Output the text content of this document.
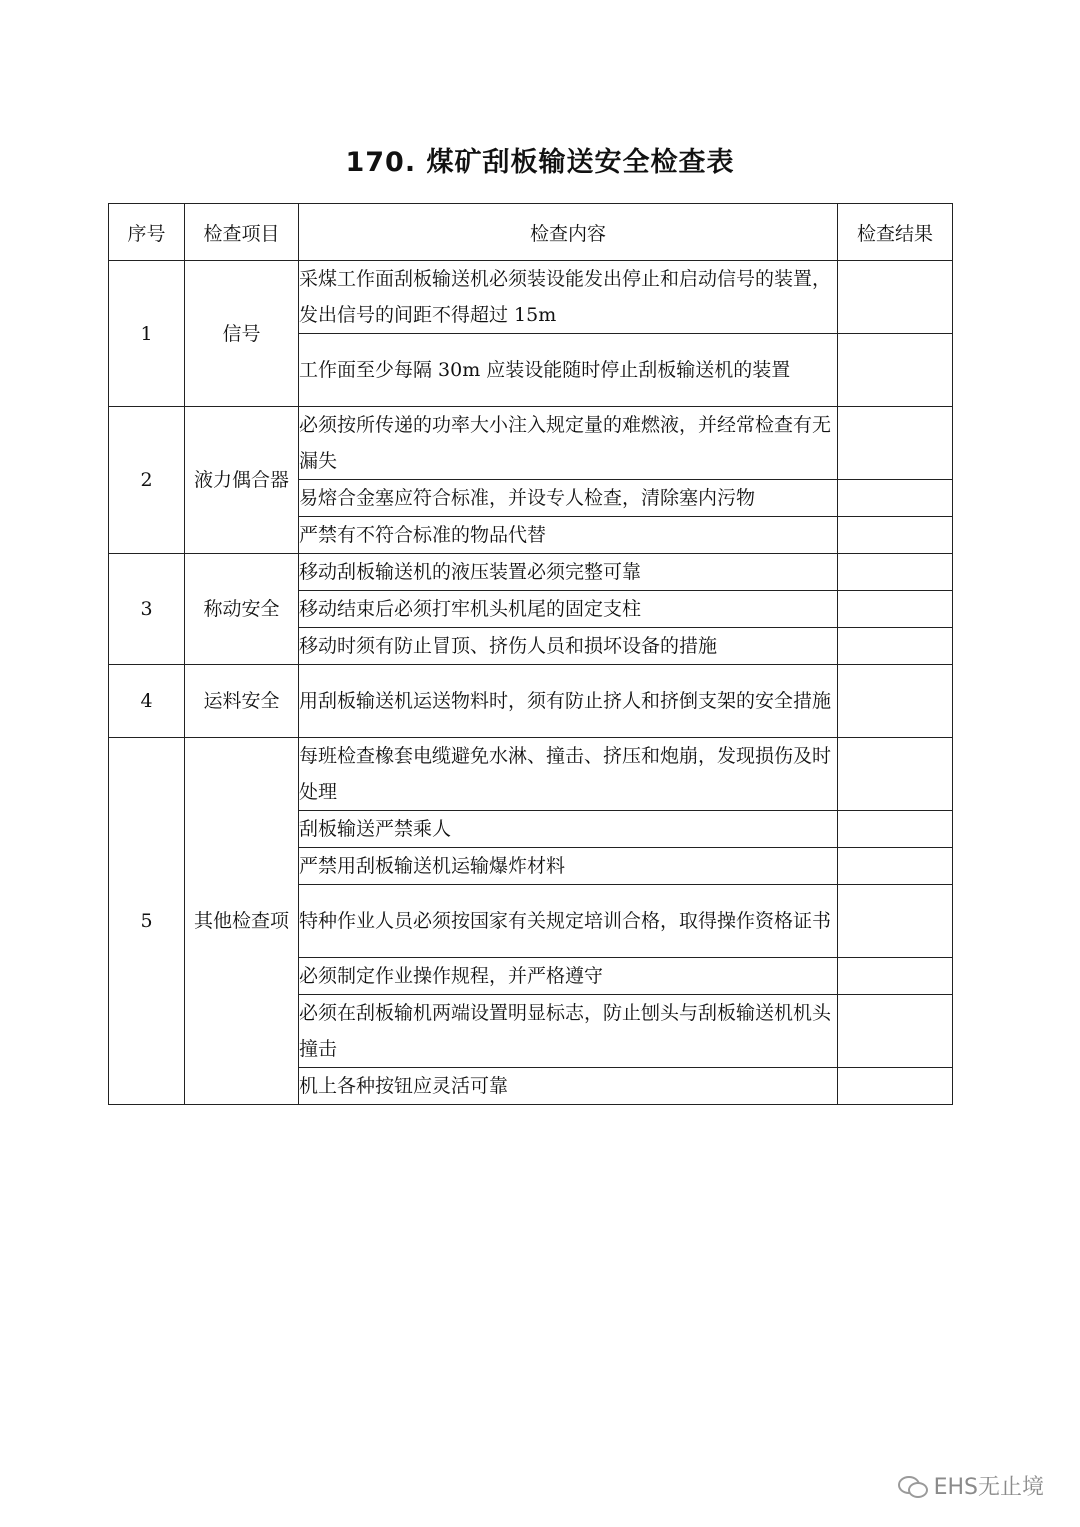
170. 煤矿刮板输送安全检查表
序号	检查项目	检查内容	检查结果
1	信号	采煤工作面刮板输送机必须装设能发出停止和启动信号的装置，发出信号的间距不得超过 15m	
		工作面至少每隔 30m 应装设能随时停止刮板输送机的装置	
2	液力偶合器	必须按所传递的功率大小注入规定量的难燃液，并经常检查有无漏失	
		易熔合金塞应符合标准，并设专人检查，清除塞内污物	
		严禁有不符合标准的物品代替	
3	称动安全	移动刮板输送机的液压装置必须完整可靠	
		移动结束后必须打牢机头机尾的固定支柱	
		移动时须有防止冒顶、挤伤人员和损坏设备的措施	
4	运料安全	用刮板输送机运送物料时，须有防止挤人和挤倒支架的安全措施	
5	其他检查项	每班检查橡套电缆避免水淋、撞击、挤压和炮崩，发现损伤及时处理	
		刮板输送严禁乘人	
		严禁用刮板输送机运输爆炸材料	
		特种作业人员必须按国家有关规定培训合格，取得操作资格证书	
		必须制定作业操作规程，并严格遵守	
		必须在刮板输机两端设置明显标志，防止刨头与刮板输送机机头撞击	
		机上各种按钮应灵活可靠	
EHS无止境
